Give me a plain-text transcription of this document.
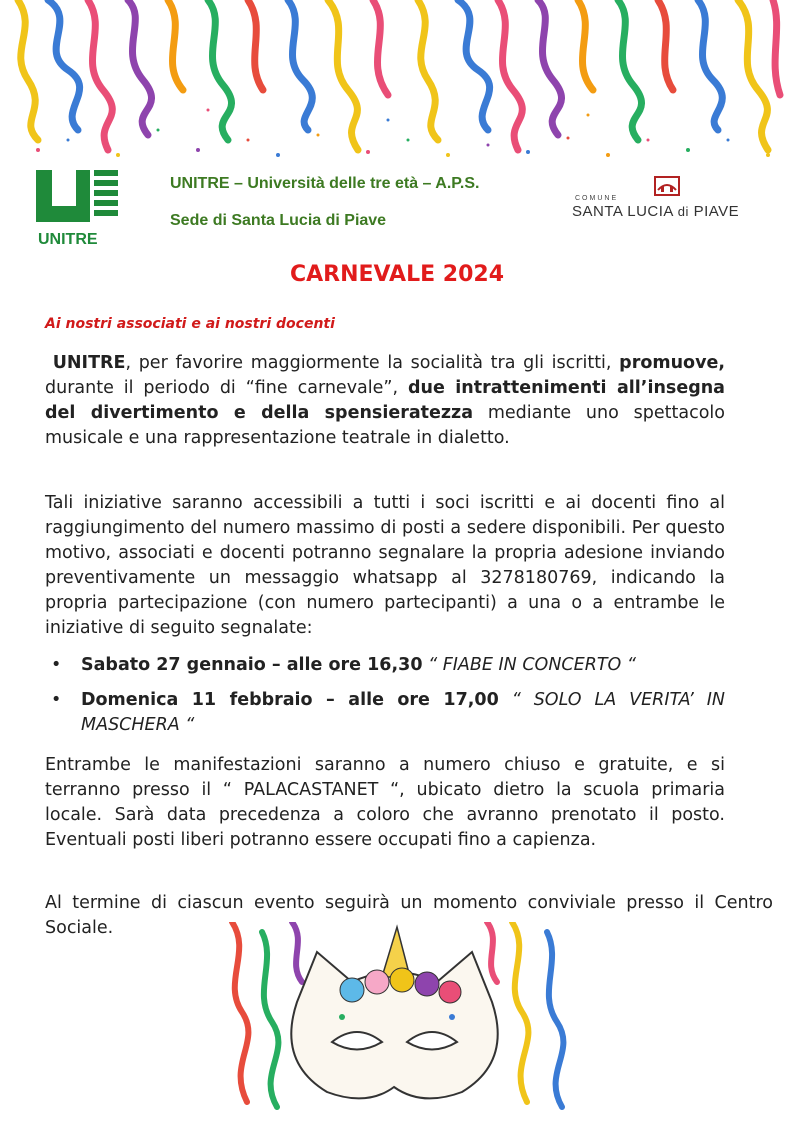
UNITRE
UNITRE – Università delle tre età – A.P.S.
Sede di Santa Lucia di Piave
COMUNE
SANTA LUCIA di PIAVE
CARNEVALE 2024
Ai nostri associati e ai nostri docenti

UNITRE, per favorire maggiormente la socialità tra gli iscritti, promuove, durante il periodo di “fine carnevale”, due intrattenimenti all’insegna del divertimento e della spensieratezza mediante uno spettacolo musicale e una rappresentazione teatrale in dialetto.

Tali iniziative saranno accessibili a tutti i soci iscritti e ai docenti fino al raggiungimento del numero massimo di posti a sedere disponibili. Per questo motivo, associati e docenti potranno segnalare la propria adesione inviando preventivamente un messaggio whatsapp al 3278180769, indicando la propria partecipazione (con numero partecipanti) a una o a entrambe le iniziative di seguito segnalate:

• Sabato 27 gennaio – alle ore 16,30 “ FIABE IN CONCERTO “
• Domenica 11 febbraio – alle ore 17,00 “ SOLO LA VERITA’ IN MASCHERA “

Entrambe le manifestazioni saranno a numero chiuso e gratuite, e si terranno presso il “ PALACASTANET “, ubicato dietro la scuola primaria locale. Sarà data precedenza a coloro che avranno prenotato il posto. Eventuali posti liberi potranno essere occupati fino a capienza.

Al termine di ciascun evento seguirà un momento conviviale presso il Centro Sociale.
